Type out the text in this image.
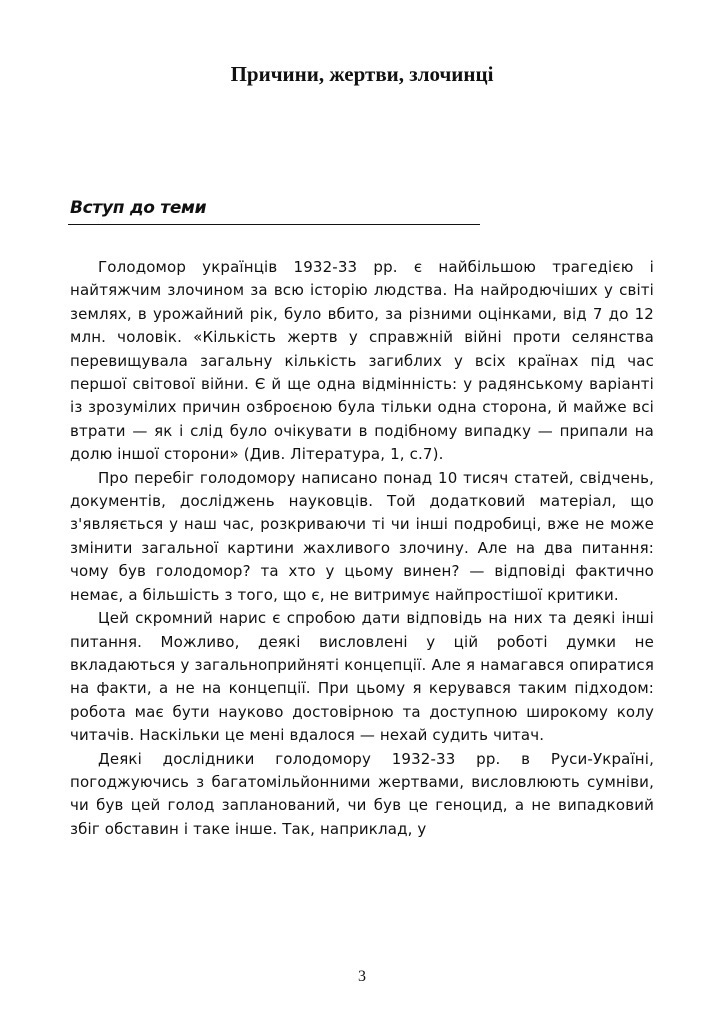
Причини, жертви, злочинці
Вступ до теми

Голодомор українців 1932-33 рр. є найбільшою трагедією і найтяжчим злочином за всю історію людства. На найродючіших у світі землях, в урожайний рік, було вбито, за різними оцінками, від 7 до 12 млн. чоловік. «Кількість жертв у справжній війні проти селянства перевищувала загальну кількість загиблих у всіх країнах під час першої світової війни. Є й ще одна відмінність: у радянському варіанті із зрозумілих причин озброєною була тільки одна сторона, й майже всі втрати — як і слід було очікувати в подібному випадку — припали на долю іншої сторони» (Див. Література, 1, с.7).

Про перебіг голодомору написано понад 10 тисяч статей, свідчень, документів, досліджень науковців. Той додатковий матеріал, що з'являється у наш час, розкриваючи ті чи інші подробиці, вже не може змінити загальної картини жахливого злочину. Але на два питання: чому був голодомор? та хто у цьому винен? — відповіді фактично немає, а більшість з того, що є, не витримує найпростішої критики.

Цей скромний нарис є спробою дати відповідь на них та деякі інші питання. Можливо, деякі висловлені у цій роботі думки не вкладаються у загальноприйняті концепції. Але я намагався опиратися на факти, а не на концепції. При цьому я керувався таким підходом: робота має бути науково достовірною та доступною широкому колу читачів. Наскільки це мені вдалося — нехай судить читач.

Деякі дослідники голодомору 1932-33 рр. в Руси-Україні, погоджуючись з багатомільйонними жертвами, висловлюють сумніви, чи був цей голод запланований, чи був це геноцид, а не випадковий збіг обставин і таке інше. Так, наприклад, у

3
